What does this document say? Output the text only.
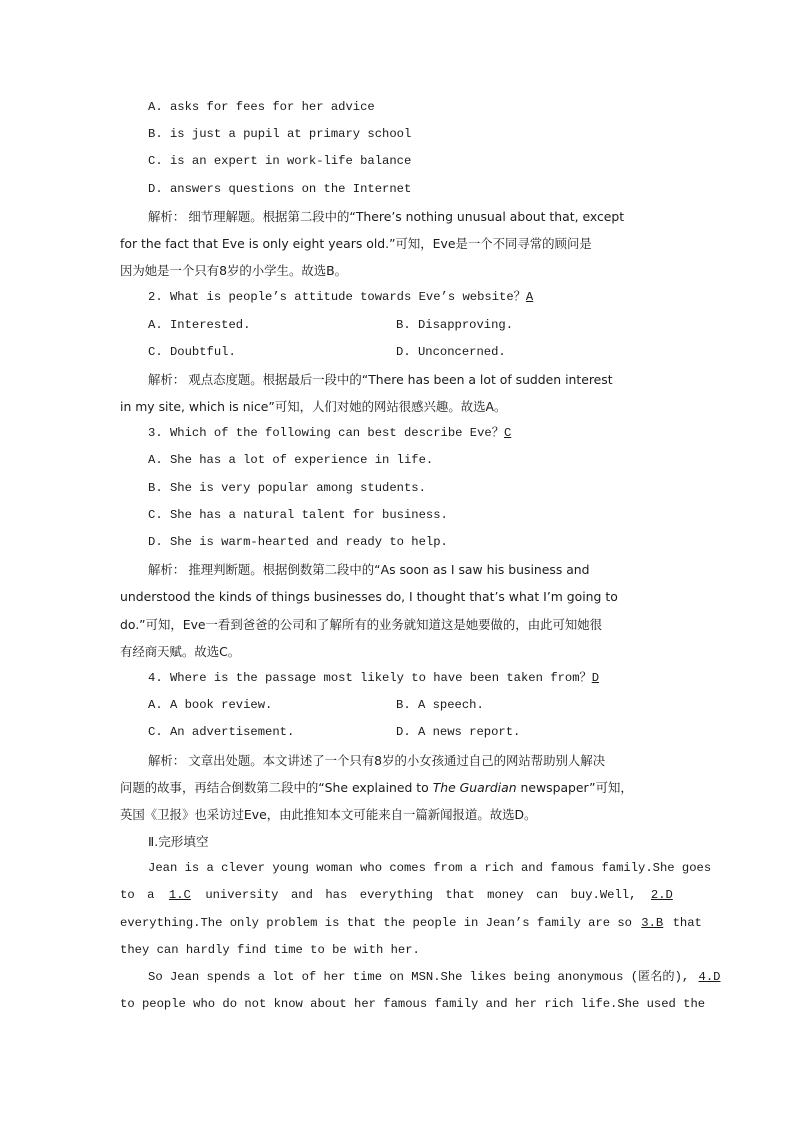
A. asks for fees for her advice
B. is just a pupil at primary school
C. is an expert in work-life balance
D. answers questions on the Internet
解析： 细节理解题。根据第二段中的“There’s nothing unusual about that, except
for the fact that Eve is only eight years old.”可知，Eve是一个不同寻常的顾问是
因为她是一个只有8岁的小学生。故选B。
2. What is people’s attitude towards Eve’s website？A
A. Interested.	B. Disapproving.
C. Doubtful.	D. Unconcerned.
解析： 观点态度题。根据最后一段中的“There has been a lot of sudden interest
in my site, which is nice”可知，人们对她的网站很感兴趣。故选A。
3. Which of the following can best describe Eve？C
A. She has a lot of experience in life.
B. She is very popular among students.
C. She has a natural talent for business.
D. She is warm-hearted and ready to help.
解析： 推理判断题。根据倒数第二段中的“As soon as I saw his business and
understood the kinds of things businesses do, I thought that’s what I’m going to
do.”可知，Eve一看到爸爸的公司和了解所有的业务就知道这是她要做的，由此可知她很
有经商天赋。故选C。
4. Where is the passage most likely to have been taken from？D
A. A book review.	B. A speech.
C. An advertisement.	D. A news report.
解析： 文章出处题。本文讲述了一个只有8岁的小女孩通过自己的网站帮助别人解决
问题的故事，再结合倒数第二段中的“She explained to The Guardian newspaper”可知，
英国《卫报》也采访过Eve，由此推知本文可能来自一篇新闻报道。故选D。
Ⅱ.完形填空
Jean is a clever young woman who comes from a rich and famous family.She goes
to a 1.C university and has everything that money can buy.Well, 2.D
everything.The only problem is that the people in Jean’s family are so 3.B that
they can hardly find time to be with her.
So Jean spends a lot of her time on MSN.She likes being anonymous (匿名的), 4.D
to people who do not know about her famous family and her rich life.She used the
